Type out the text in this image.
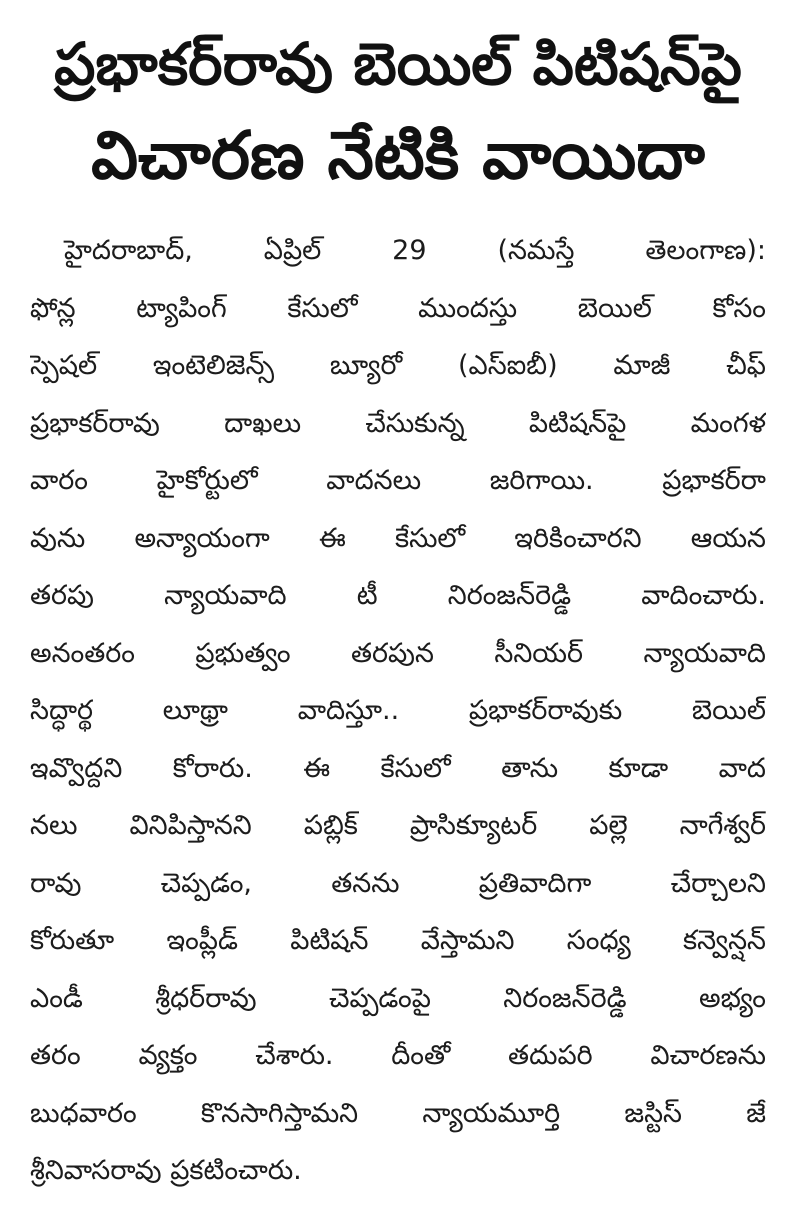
ప్రభాకర్‌రావు బెయిల్‌ పిటిషన్‌పై
విచారణ నేటికి వాయిదా
హైదరాబాద్‌, ఏప్రిల్‌ 29 (నమస్తే తెలంగాణ):
ఫోన్ల ట్యాపింగ్‌ కేసులో ముందస్తు బెయిల్‌ కోసం
స్పెషల్‌ ఇంటెలిజెన్స్‌ బ్యూరో (ఎస్‌ఐబీ) మాజీ చీఫ్‌
ప్రభాకర్‌రావు దాఖలు చేసుకున్న పిటిషన్‌పై మంగళ
వారం హైకోర్టులో వాదనలు జరిగాయి. ప్రభాకర్‌రా
వును అన్యాయంగా ఈ కేసులో ఇరికించారని ఆయన
తరపు న్యాయవాది టీ నిరంజన్‌రెడ్డి వాదించారు.
అనంతరం ప్రభుత్వం తరపున సీనియర్‌ న్యాయవాది
సిద్ధార్థ లూథ్రా వాదిస్తూ.. ప్రభాకర్‌రావుకు బెయిల్‌
ఇవ్వొద్దని కోరారు. ఈ కేసులో తాను కూడా వాద
నలు వినిపిస్తానని పబ్లిక్‌ ప్రాసిక్యూటర్‌ పల్లె నాగేశ్వర్‌
రావు చెప్పడం, తనను ప్రతివాదిగా చేర్చాలని
కోరుతూ ఇంప్లీడ్‌ పిటిషన్‌ వేస్తామని సంధ్య కన్వెన్షన్‌
ఎండీ శ్రీధర్‌రావు చెప్పడంపై నిరంజన్‌రెడ్డి అభ్యం
తరం వ్యక్తం చేశారు. దీంతో తదుపరి విచారణను
బుధవారం కొనసాగిస్తామని న్యాయమూర్తి జస్టిస్‌ జే
శ్రీనివాసరావు ప్రకటించారు.
